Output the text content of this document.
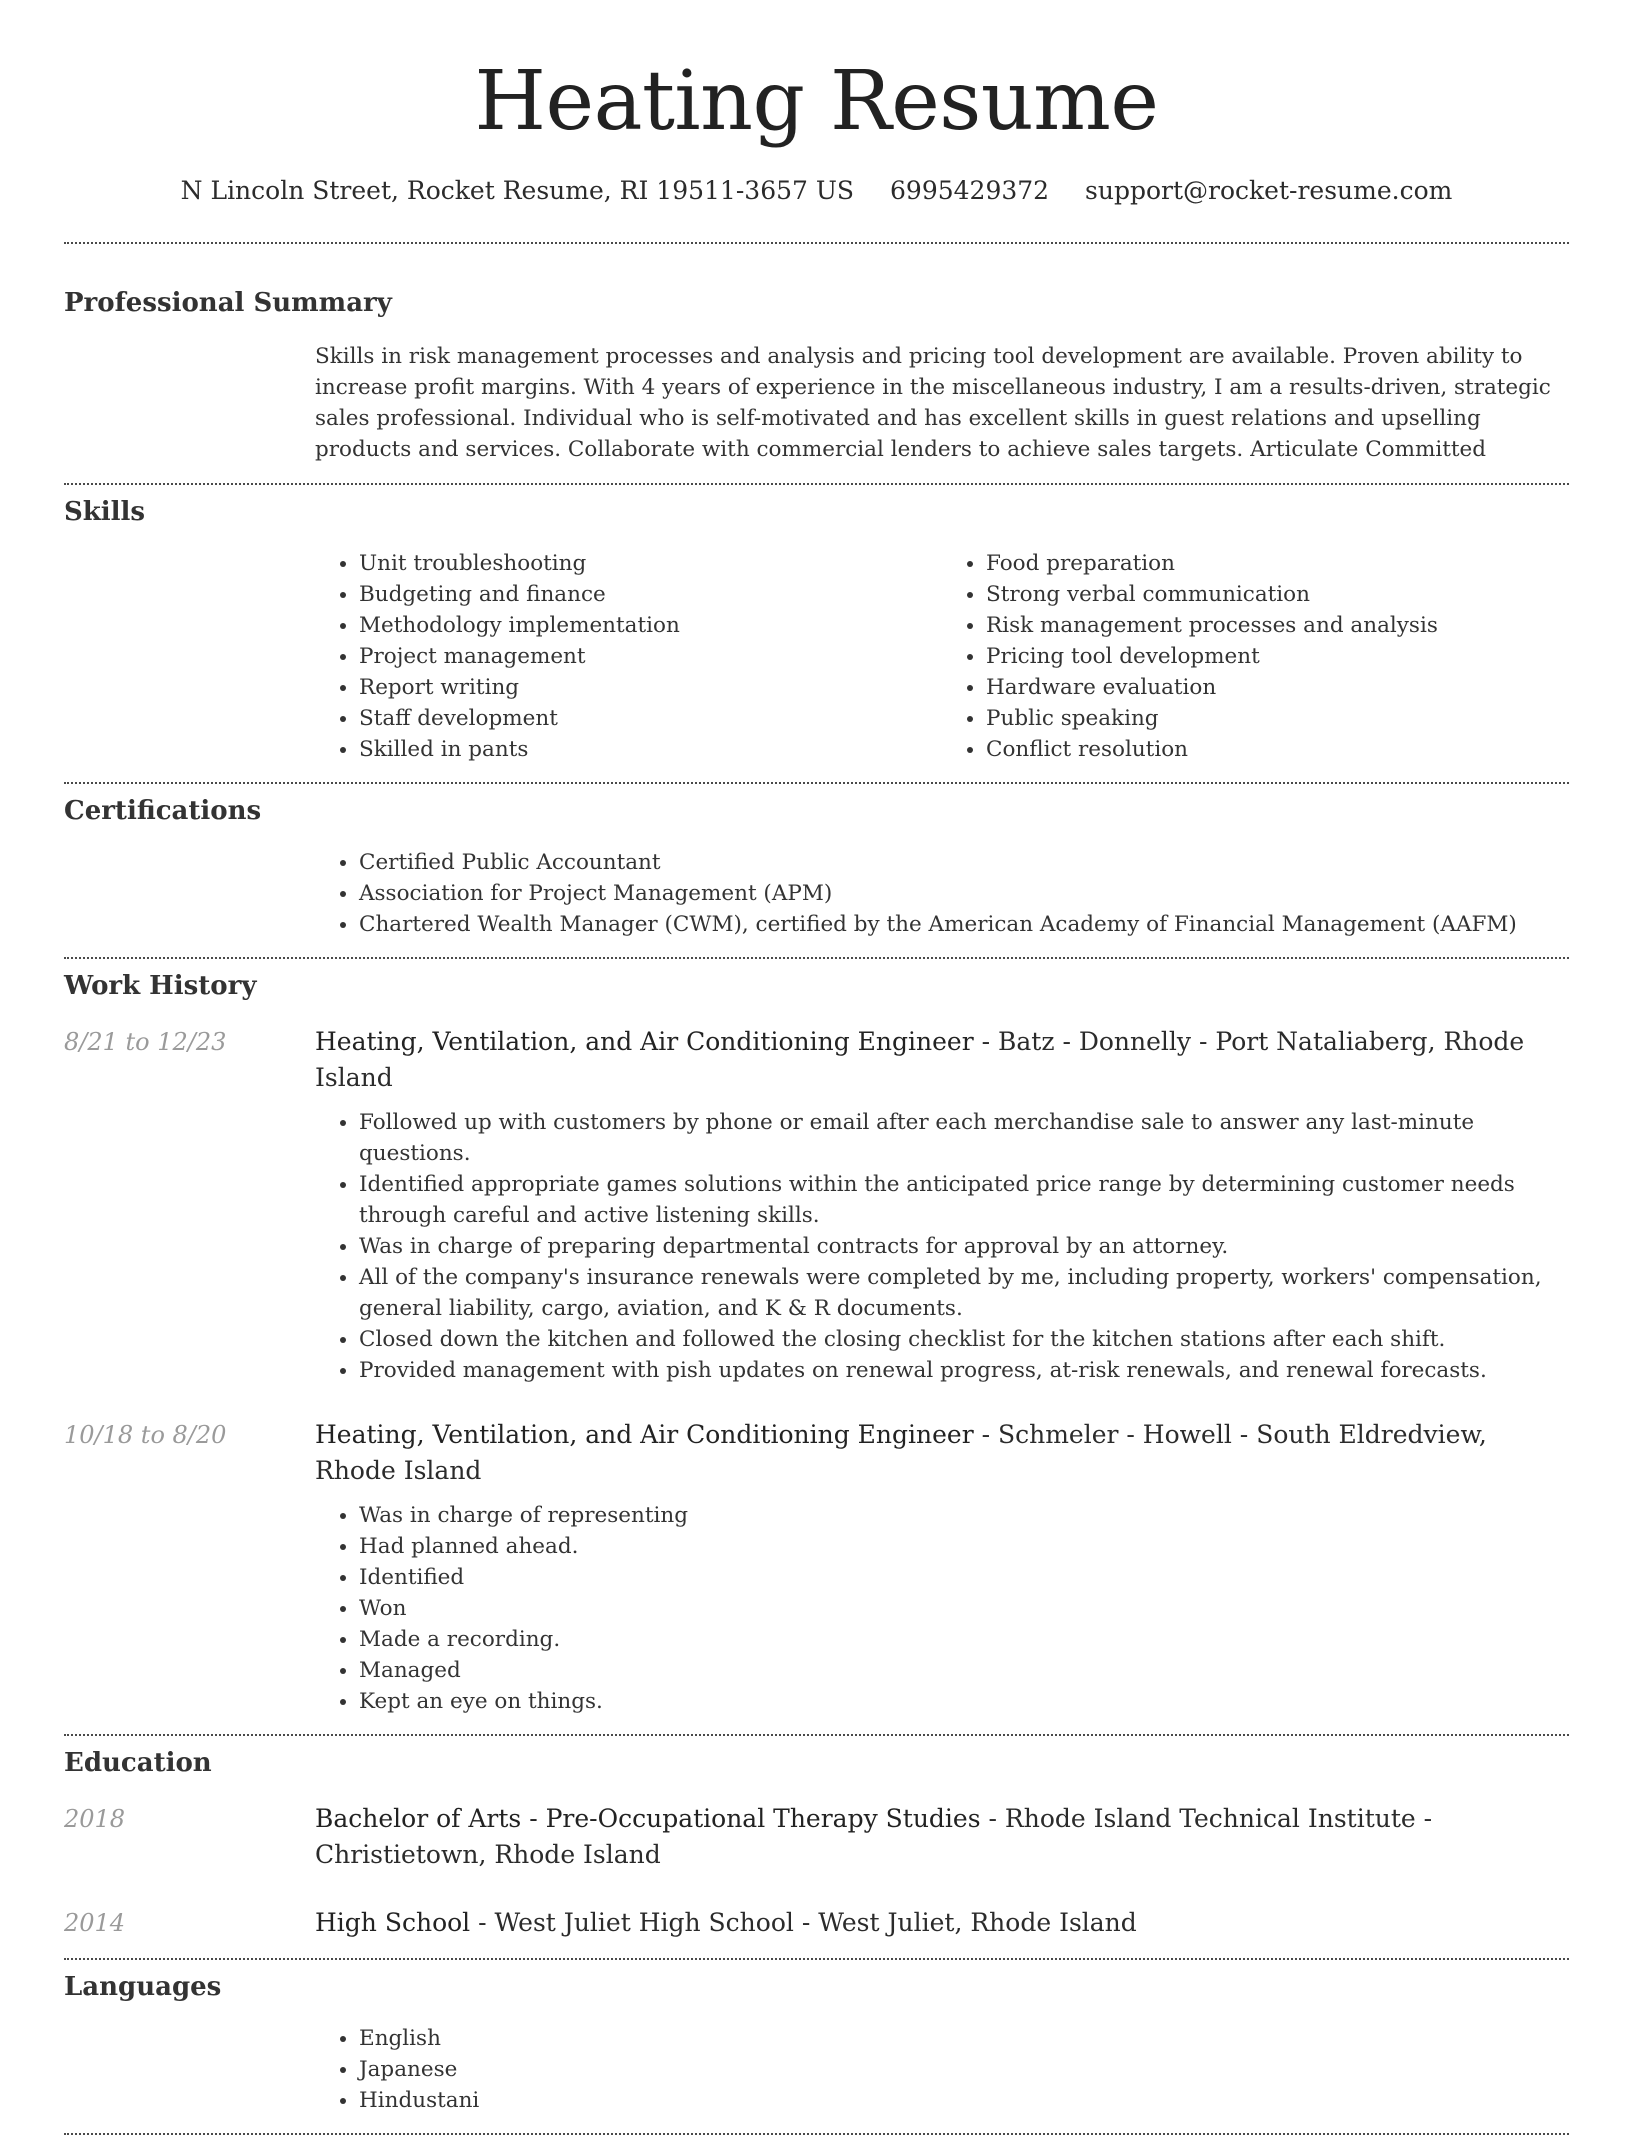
Heating Resume
N Lincoln Street, Rocket Resume, RI 19511-3657 US 6995429372 support@rocket-resume.com
Professional Summary

Skills in risk management processes and analysis and pricing tool development are available. Proven ability to increase profit margins. With 4 years of experience in the miscellaneous industry, I am a results-driven, strategic sales professional. Individual who is self-motivated and has excellent skills in guest relations and upselling products and services. Collaborate with commercial lenders to achieve sales targets. Articulate Committed

Skills
• Unit troubleshooting
• Budgeting and finance
• Methodology implementation
• Project management
• Report writing
• Staff development
• Skilled in pants
• Food preparation
• Strong verbal communication
• Risk management processes and analysis
• Pricing tool development
• Hardware evaluation
• Public speaking
• Conflict resolution
Certifications
• Certified Public Accountant
• Association for Project Management (APM)
• Chartered Wealth Manager (CWM), certified by the American Academy of Financial Management (AAFM)
Work History
8/21 to 12/23	Heating, Ventilation, and Air Conditioning Engineer - Batz - Donnelly - Port Nataliaberg, Rhode Island
• Followed up with customers by phone or email after each merchandise sale to answer any last-minute questions.
• Identified appropriate games solutions within the anticipated price range by determining customer needs through careful and active listening skills.
• Was in charge of preparing departmental contracts for approval by an attorney.
• All of the company's insurance renewals were completed by me, including property, workers' compensation, general liability, cargo, aviation, and K & R documents.
• Closed down the kitchen and followed the closing checklist for the kitchen stations after each shift.
• Provided management with pish updates on renewal progress, at-risk renewals, and renewal forecasts.
10/18 to 8/20	Heating, Ventilation, and Air Conditioning Engineer - Schmeler - Howell - South Eldredview, Rhode Island
• Was in charge of representing
• Had planned ahead.
• Identified
• Won
• Made a recording.
• Managed
• Kept an eye on things.
Education
2018	Bachelor of Arts - Pre-Occupational Therapy Studies - Rhode Island Technical Institute - Christietown, Rhode Island
2014	High School - West Juliet High School - West Juliet, Rhode Island
Languages
• English
• Japanese
• Hindustani
